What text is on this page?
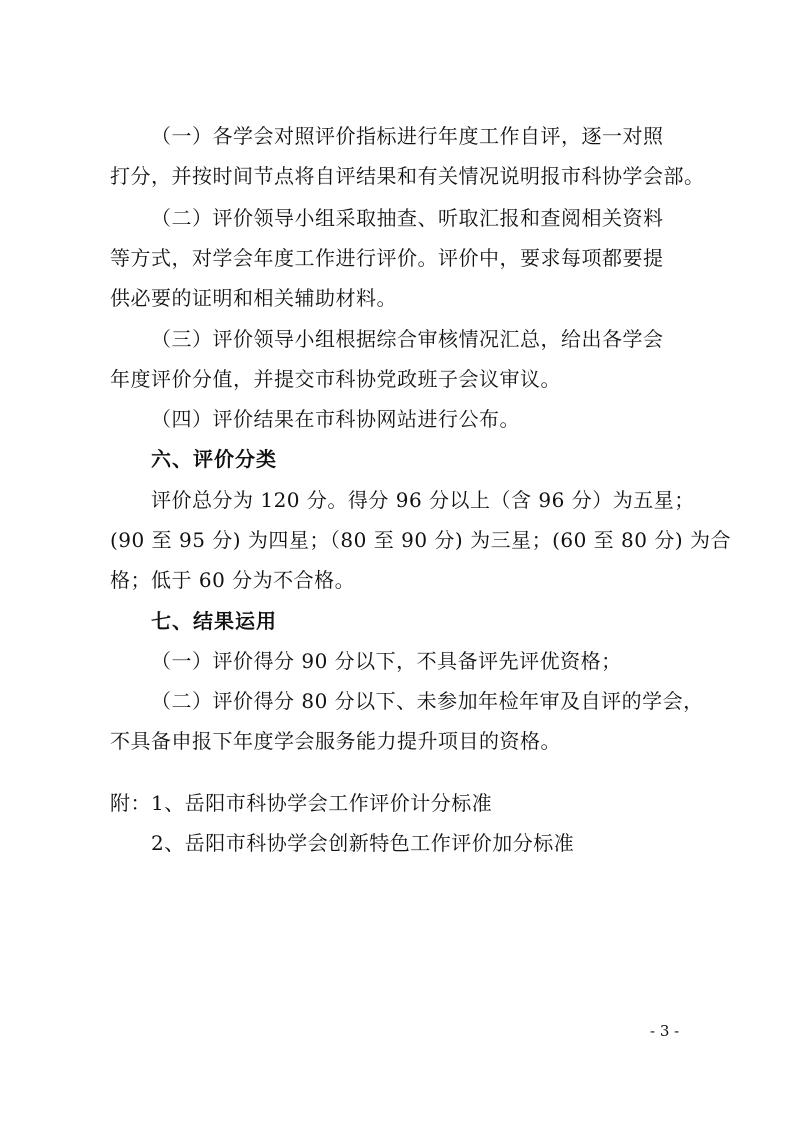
（一）各学会对照评价指标进行年度工作自评，逐一对照
打分，并按时间节点将自评结果和有关情况说明报市科协学会部。
（二）评价领导小组采取抽查、听取汇报和查阅相关资料
等方式，对学会年度工作进行评价。评价中，要求每项都要提
供必要的证明和相关辅助材料。
（三）评价领导小组根据综合审核情况汇总，给出各学会
年度评价分值，并提交市科协党政班子会议审议。
（四）评价结果在市科协网站进行公布。
六、评价分类
评价总分为 120 分。得分 96 分以上（含 96 分）为五星；
(90 至 95 分) 为四星；（80 至 90 分) 为三星；(60 至 80 分) 为合
格；低于 60 分为不合格。
七、结果运用
（一）评价得分 90 分以下，不具备评先评优资格；
（二）评价得分 80 分以下、未参加年检年审及自评的学会，
不具备申报下年度学会服务能力提升项目的资格。
附：1、岳阳市科协学会工作评价计分标准
2、岳阳市科协学会创新特色工作评价加分标准
- 3 -
